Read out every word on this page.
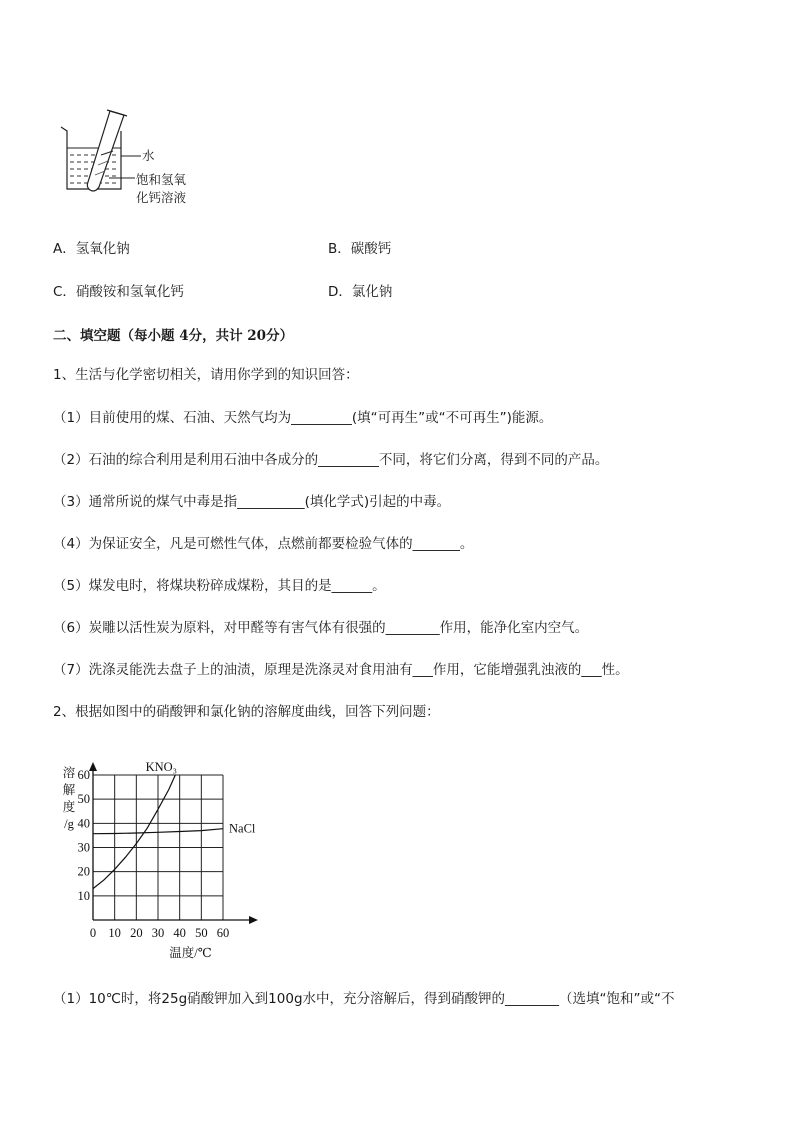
水
饱和氢氧
化钙溶液
A．氢氧化钠	B．碳酸钙
C．硝酸铵和氢氧化钙	D．氯化钠
二、填空题（每小题 4分，共计 20分）
1、生活与化学密切相关，请用你学到的知识回答：
（1）目前使用的煤、石油、天然气均为_________(填“可再生”或“不可再生”)能源。
（2）石油的综合利用是利用石油中各成分的_________不同，将它们分离，得到不同的产品。
（3）通常所说的煤气中毒是指__________(填化学式)引起的中毒。
（4）为保证安全，凡是可燃性气体，点燃前都要检验气体的_______。
（5）煤发电时，将煤块粉碎成煤粉，其目的是______。
（6）炭雕以活性炭为原料，对甲醛等有害气体有很强的________作用，能净化室内空气。
（7）洗涤灵能洗去盘子上的油渍，原理是洗涤灵对食用油有___作用，它能增强乳浊液的___性。
2、根据如图中的硝酸钾和氯化钠的溶解度曲线，回答下列问题：
0 10 20 30 40 50 60
10
20
30
40
50
60
溶
解
度
/g
温度/℃
KNO₃
NaCl
（1）10℃时，将25g硝酸钾加入到100g水中，充分溶解后，得到硝酸钾的________（选填“饱和”或“不
